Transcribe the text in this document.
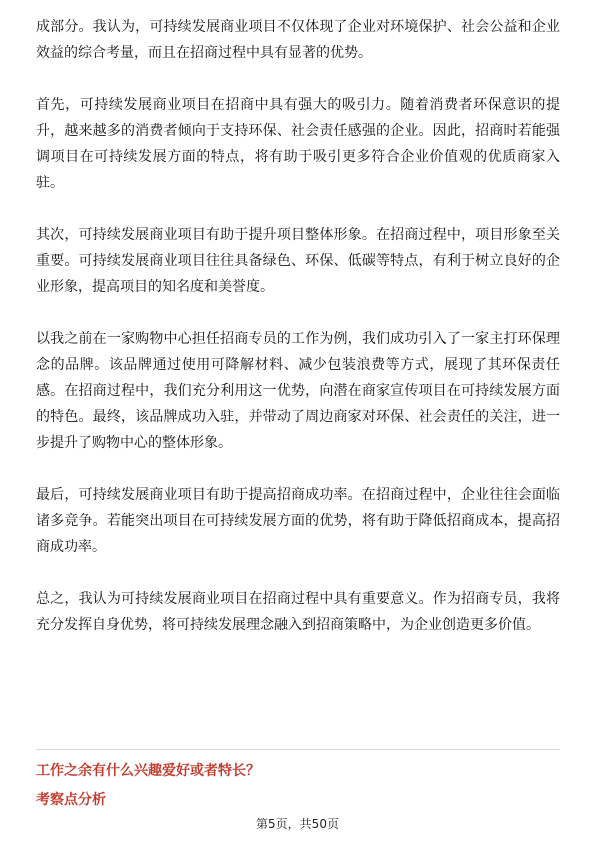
成部分。我认为，可持续发展商业项目不仅体现了企业对环境保护、社会公益和企业效益的综合考量，而且在招商过程中具有显著的优势。

首先，可持续发展商业项目在招商中具有强大的吸引力。随着消费者环保意识的提升，越来越多的消费者倾向于支持环保、社会责任感强的企业。因此，招商时若能强调项目在可持续发展方面的特点，将有助于吸引更多符合企业价值观的优质商家入驻。

其次，可持续发展商业项目有助于提升项目整体形象。在招商过程中，项目形象至关重要。可持续发展商业项目往往具备绿色、环保、低碳等特点，有利于树立良好的企业形象，提高项目的知名度和美誉度。

以我之前在一家购物中心担任招商专员的工作为例，我们成功引入了一家主打环保理念的品牌。该品牌通过使用可降解材料、减少包装浪费等方式，展现了其环保责任感。在招商过程中，我们充分利用这一优势，向潜在商家宣传项目在可持续发展方面的特色。最终，该品牌成功入驻，并带动了周边商家对环保、社会责任的关注，进一步提升了购物中心的整体形象。

最后，可持续发展商业项目有助于提高招商成功率。在招商过程中，企业往往会面临诸多竞争。若能突出项目在可持续发展方面的优势，将有助于降低招商成本，提高招商成功率。

总之，我认为可持续发展商业项目在招商过程中具有重要意义。作为招商专员，我将充分发挥自身优势，将可持续发展理念融入到招商策略中，为企业创造更多价值。

工作之余有什么兴趣爱好或者特长？
考察点分析
第5页，共50页
